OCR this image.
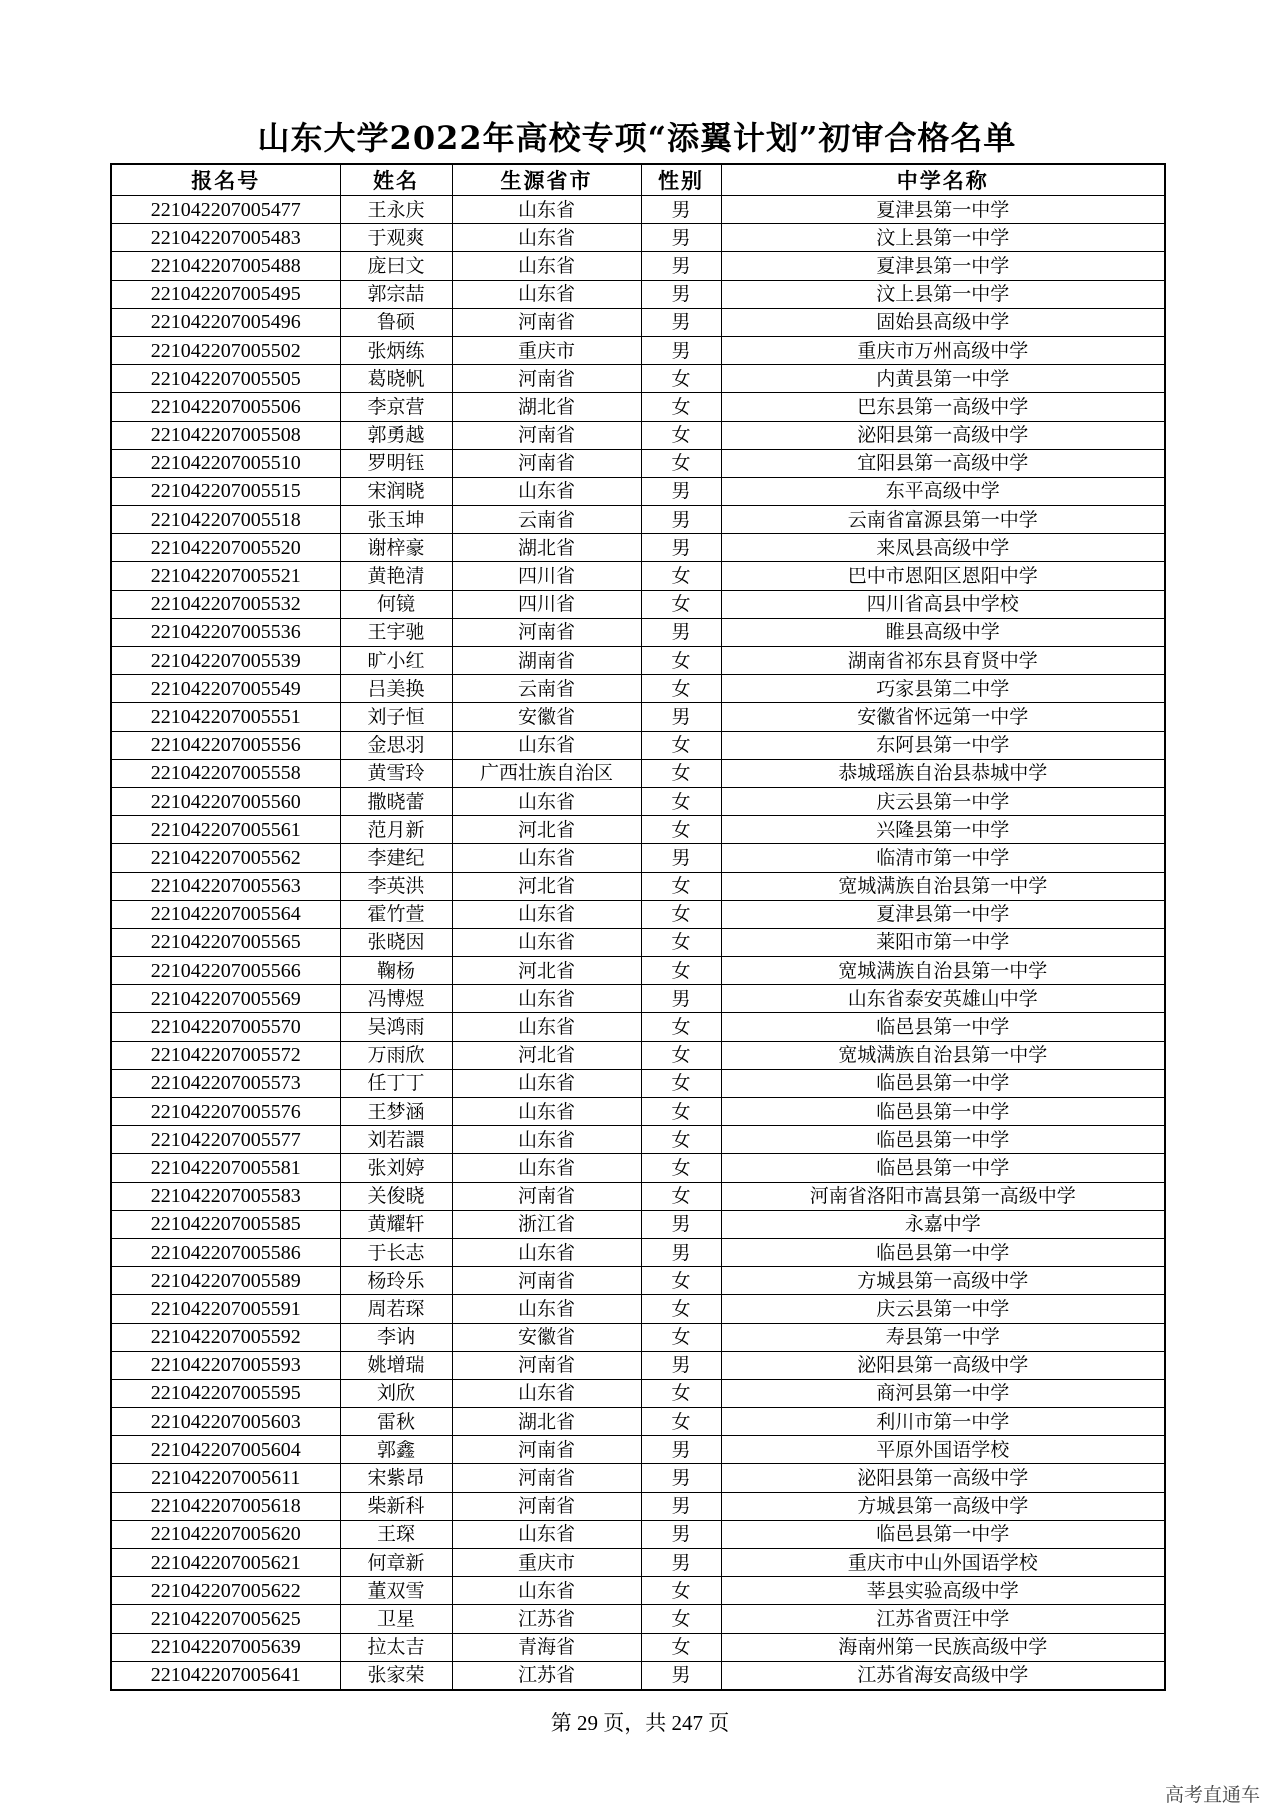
山东大学2022年高校专项“添翼计划”初审合格名单
报名号	姓名	生源省市	性别	中学名称
221042207005477	王永庆	山东省	男	夏津县第一中学
221042207005483	于观爽	山东省	男	汶上县第一中学
221042207005488	庞曰文	山东省	男	夏津县第一中学
221042207005495	郭宗喆	山东省	男	汶上县第一中学
221042207005496	鲁硕	河南省	男	固始县高级中学
221042207005502	张炳练	重庆市	男	重庆市万州高级中学
221042207005505	葛晓帆	河南省	女	内黄县第一中学
221042207005506	李京营	湖北省	女	巴东县第一高级中学
221042207005508	郭勇越	河南省	女	泌阳县第一高级中学
221042207005510	罗明钰	河南省	女	宜阳县第一高级中学
221042207005515	宋润晓	山东省	男	东平高级中学
221042207005518	张玉坤	云南省	男	云南省富源县第一中学
221042207005520	谢梓豪	湖北省	男	来凤县高级中学
221042207005521	黄艳清	四川省	女	巴中市恩阳区恩阳中学
221042207005532	何镜	四川省	女	四川省高县中学校
221042207005536	王宇驰	河南省	男	睢县高级中学
221042207005539	旷小红	湖南省	女	湖南省祁东县育贤中学
221042207005549	吕美换	云南省	女	巧家县第二中学
221042207005551	刘子恒	安徽省	男	安徽省怀远第一中学
221042207005556	金思羽	山东省	女	东阿县第一中学
221042207005558	黄雪玲	广西壮族自治区	女	恭城瑶族自治县恭城中学
221042207005560	撒晓蕾	山东省	女	庆云县第一中学
221042207005561	范月新	河北省	女	兴隆县第一中学
221042207005562	李建纪	山东省	男	临清市第一中学
221042207005563	李英洪	河北省	女	宽城满族自治县第一中学
221042207005564	霍竹萱	山东省	女	夏津县第一中学
221042207005565	张晓因	山东省	女	莱阳市第一中学
221042207005566	鞠杨	河北省	女	宽城满族自治县第一中学
221042207005569	冯博煜	山东省	男	山东省泰安英雄山中学
221042207005570	吴鸿雨	山东省	女	临邑县第一中学
221042207005572	万雨欣	河北省	女	宽城满族自治县第一中学
221042207005573	任丁丁	山东省	女	临邑县第一中学
221042207005576	王梦涵	山东省	女	临邑县第一中学
221042207005577	刘若譞	山东省	女	临邑县第一中学
221042207005581	张刘婷	山东省	女	临邑县第一中学
221042207005583	关俊晓	河南省	女	河南省洛阳市嵩县第一高级中学
221042207005585	黄耀轩	浙江省	男	永嘉中学
221042207005586	于长志	山东省	男	临邑县第一中学
221042207005589	杨玲乐	河南省	女	方城县第一高级中学
221042207005591	周若琛	山东省	女	庆云县第一中学
221042207005592	李讷	安徽省	女	寿县第一中学
221042207005593	姚增瑞	河南省	男	泌阳县第一高级中学
221042207005595	刘欣	山东省	女	商河县第一中学
221042207005603	雷秋	湖北省	女	利川市第一中学
221042207005604	郭鑫	河南省	男	平原外国语学校
221042207005611	宋紫昂	河南省	男	泌阳县第一高级中学
221042207005618	柴新科	河南省	男	方城县第一高级中学
221042207005620	王琛	山东省	男	临邑县第一中学
221042207005621	何章新	重庆市	男	重庆市中山外国语学校
221042207005622	董双雪	山东省	女	莘县实验高级中学
221042207005625	卫星	江苏省	女	江苏省贾汪中学
221042207005639	拉太吉	青海省	女	海南州第一民族高级中学
221042207005641	张家荣	江苏省	男	江苏省海安高级中学
第 29 页，共 247 页
高考直通车
